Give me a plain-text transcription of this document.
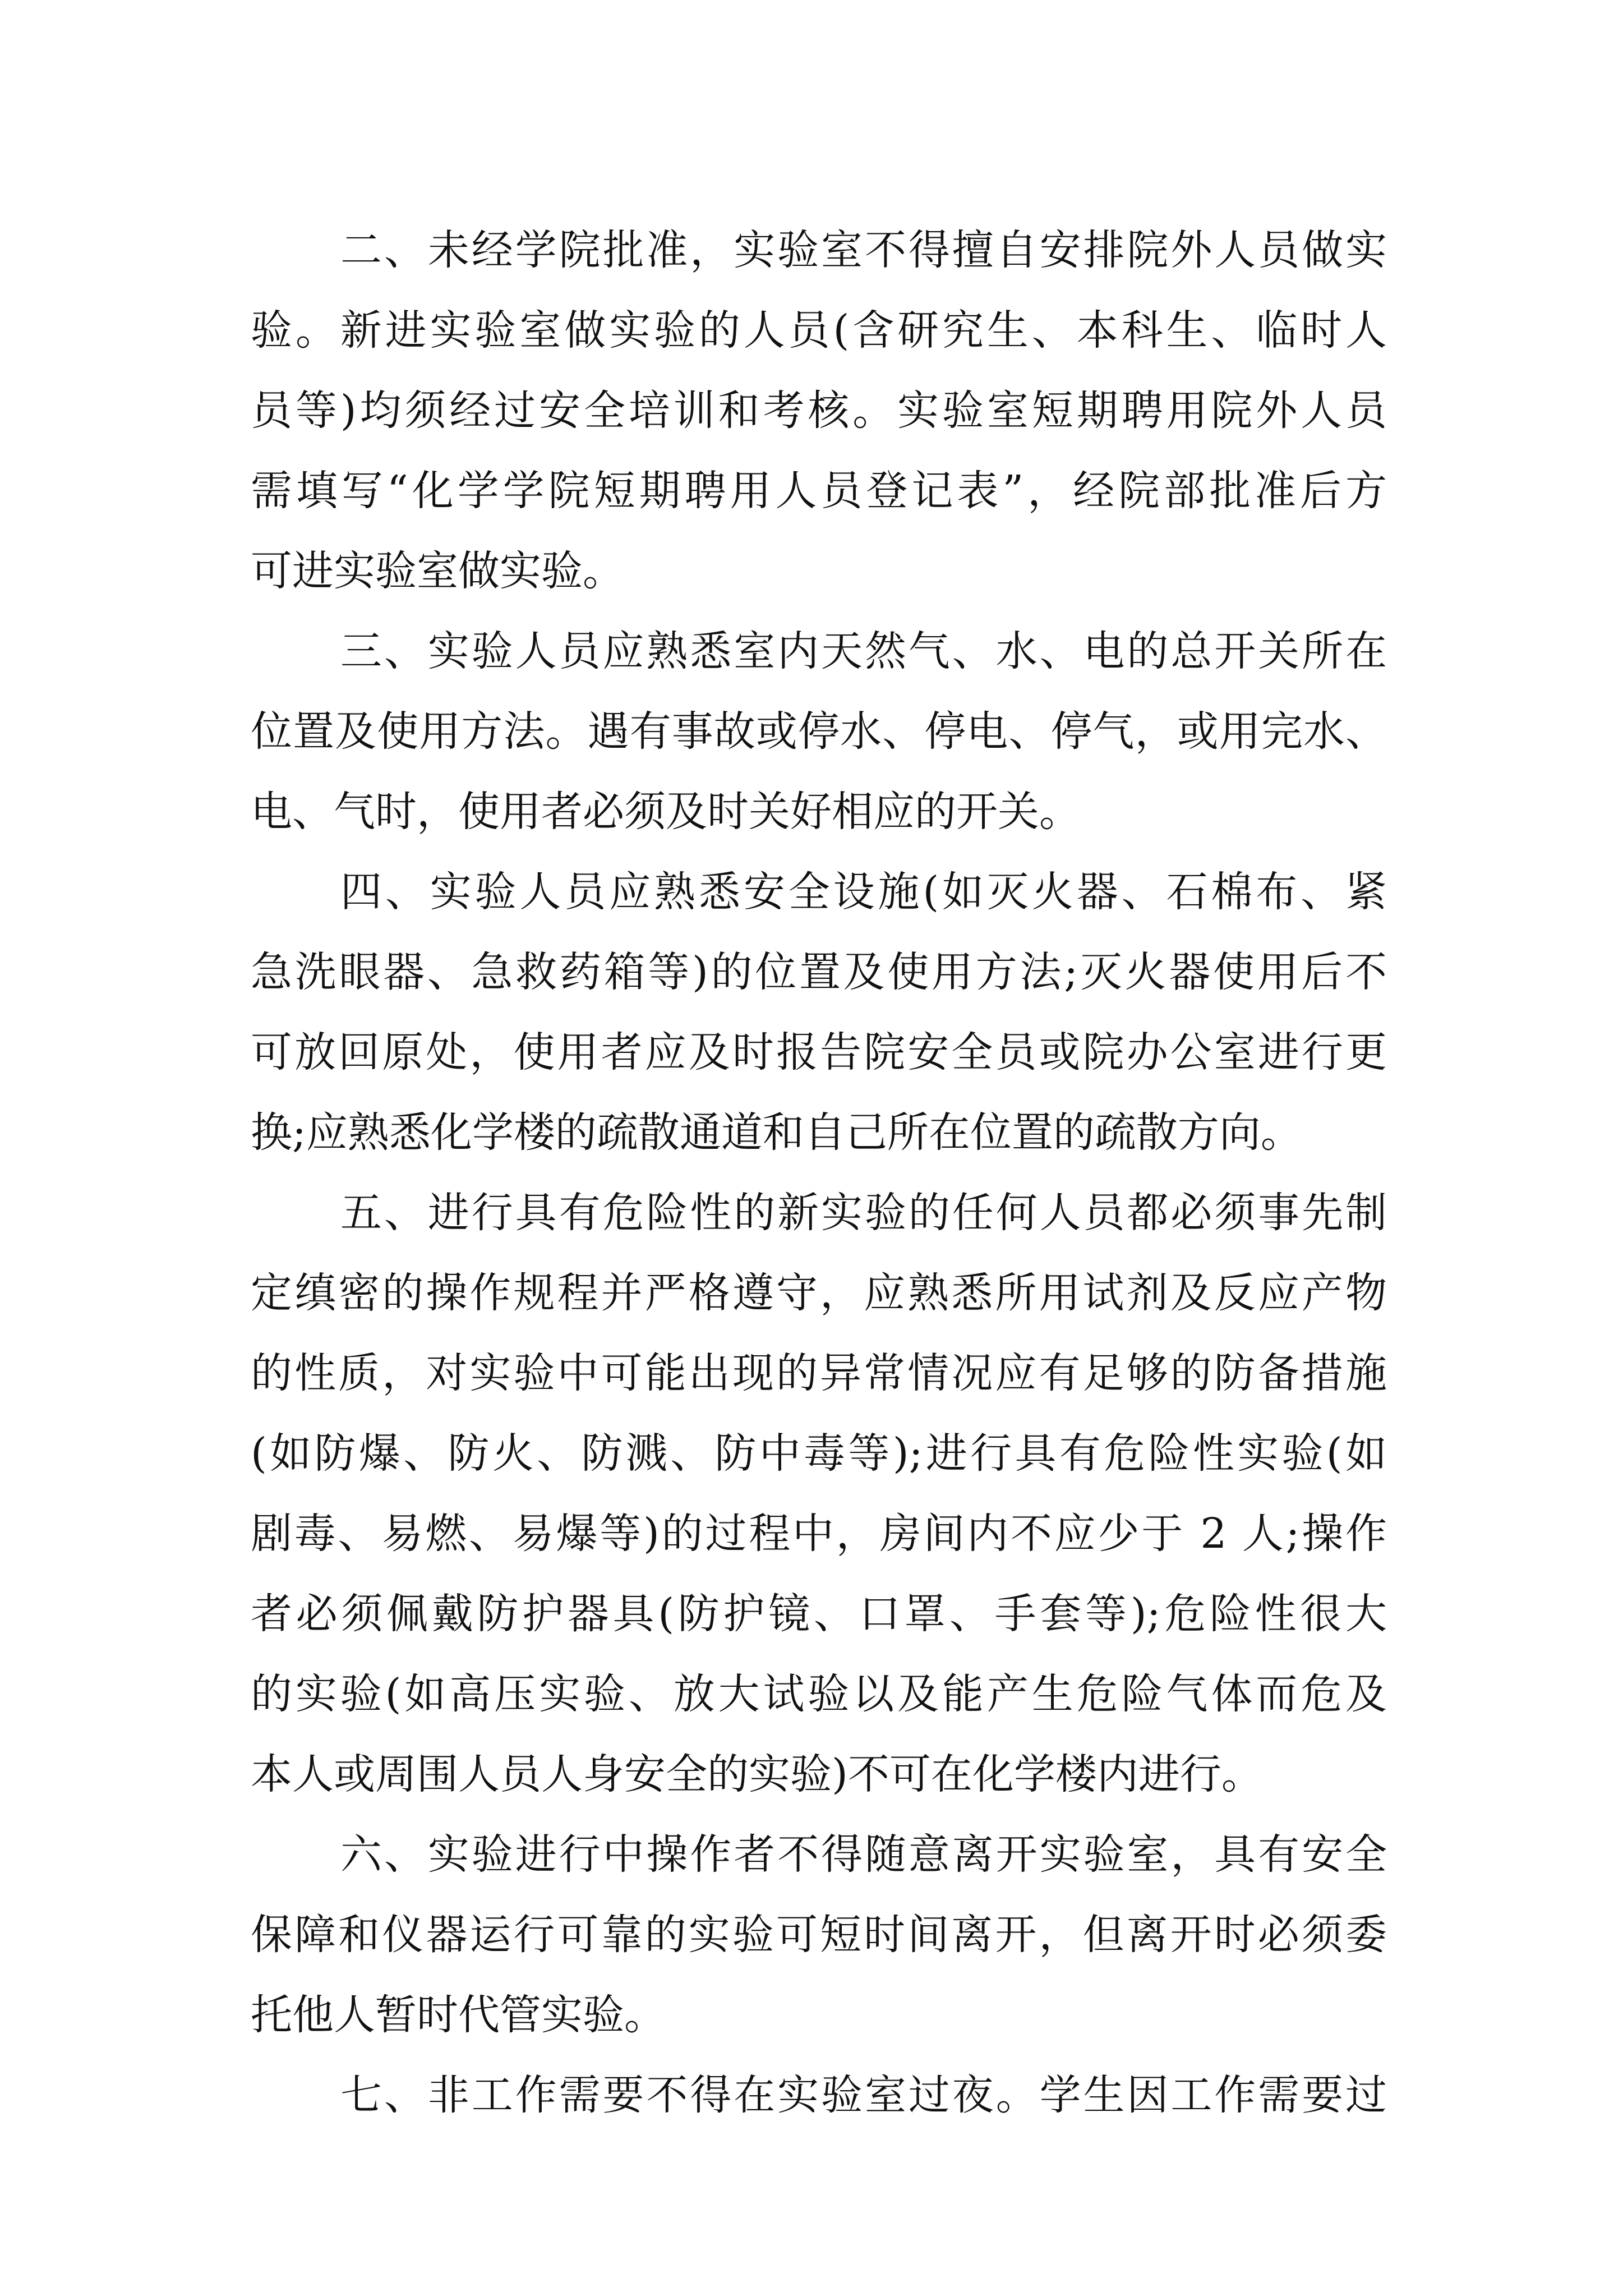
二、未经学院批准，实验室不得擅自安排院外人员做实
验。新进实验室做实验的人员(含研究生、本科生、临时人
员等)均须经过安全培训和考核。实验室短期聘用院外人员
需填写“化学学院短期聘用人员登记表”，经院部批准后方
可进实验室做实验。
三、实验人员应熟悉室内天然气、水、电的总开关所在
位置及使用方法。遇有事故或停水、停电、停气，或用完水、
电、气时，使用者必须及时关好相应的开关。
四、实验人员应熟悉安全设施(如灭火器、石棉布、紧
急洗眼器、急救药箱等)的位置及使用方法;灭火器使用后不
可放回原处，使用者应及时报告院安全员或院办公室进行更
换;应熟悉化学楼的疏散通道和自己所在位置的疏散方向。
五、进行具有危险性的新实验的任何人员都必须事先制
定缜密的操作规程并严格遵守，应熟悉所用试剂及反应产物
的性质，对实验中可能出现的异常情况应有足够的防备措施
(如防爆、防火、防溅、防中毒等);进行具有危险性实验(如
剧毒、易燃、易爆等)的过程中，房间内不应少于 2 人;操作
者必须佩戴防护器具(防护镜、口罩、手套等);危险性很大
的实验(如高压实验、放大试验以及能产生危险气体而危及
本人或周围人员人身安全的实验)不可在化学楼内进行。
六、实验进行中操作者不得随意离开实验室，具有安全
保障和仪器运行可靠的实验可短时间离开，但离开时必须委
托他人暂时代管实验。
七、非工作需要不得在实验室过夜。学生因工作需要过
